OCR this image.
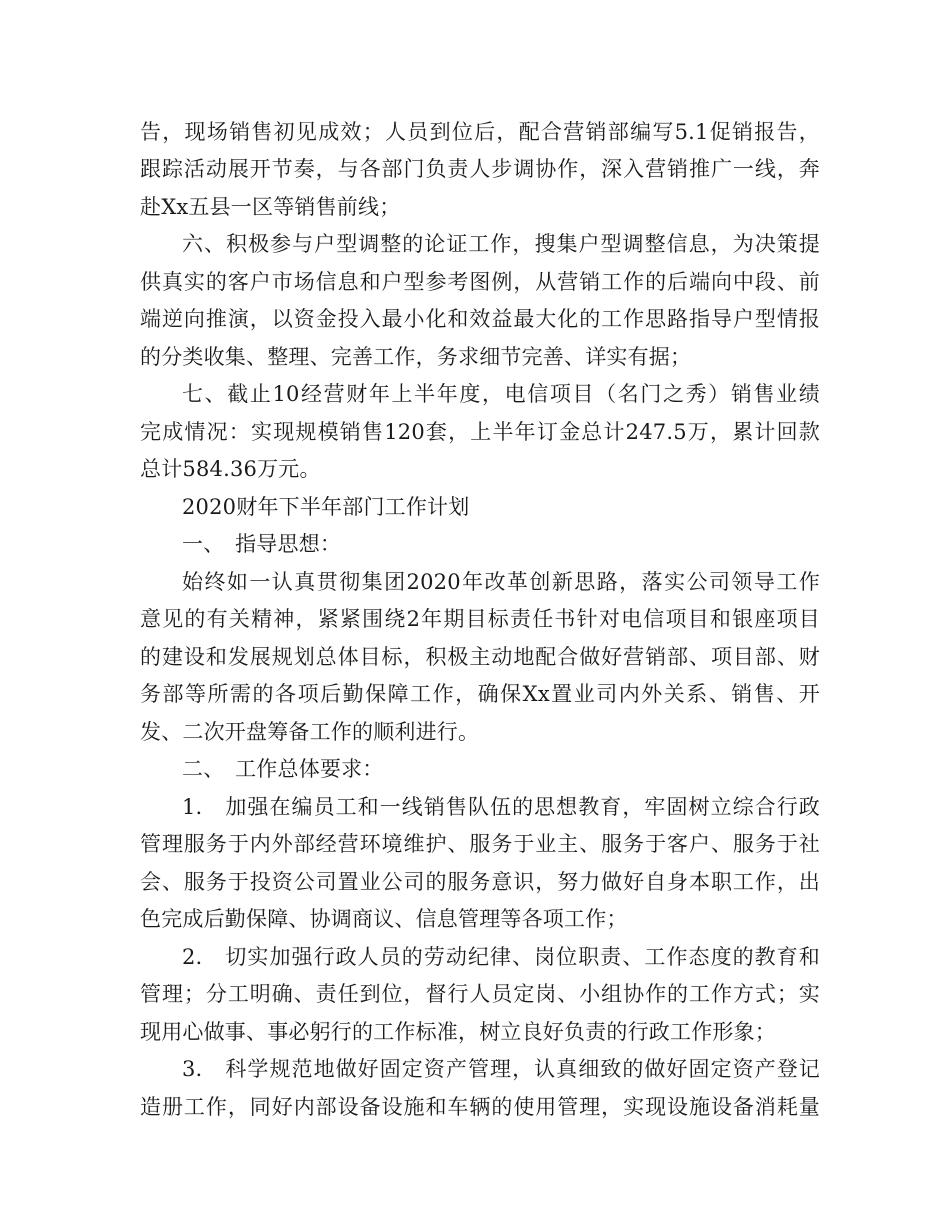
告，现场销售初见成效；人员到位后，配合营销部编写5.1促销报告，
跟踪活动展开节奏，与各部门负责人步调协作，深入营销推广一线，奔
赴Xx五县一区等销售前线；
六、积极参与户型调整的论证工作，搜集户型调整信息，为决策提
供真实的客户市场信息和户型参考图例，从营销工作的后端向中段、前
端逆向推演，以资金投入最小化和效益最大化的工作思路指导户型情报
的分类收集、整理、完善工作，务求细节完善、详实有据；
七、截止10经营财年上半年度，电信项目（名门之秀）销售业绩
完成情况：实现规模销售120套，上半年订金总计247.5万，累计回款
总计584.36万元。
2020财年下半年部门工作计划
一、　指导思想：
始终如一认真贯彻集团2020年改革创新思路，落实公司领导工作
意见的有关精神，紧紧围绕2年期目标责任书针对电信项目和银座项目
的建设和发展规划总体目标，积极主动地配合做好营销部、项目部、财
务部等所需的各项后勤保障工作，确保Xx置业司内外关系、销售、开
发、二次开盘筹备工作的顺利进行。
二、　工作总体要求：
1.　加强在编员工和一线销售队伍的思想教育，牢固树立综合行政
管理服务于内外部经营环境维护、服务于业主、服务于客户、服务于社
会、服务于投资公司置业公司的服务意识，努力做好自身本职工作，出
色完成后勤保障、协调商议、信息管理等各项工作；
2.　切实加强行政人员的劳动纪律、岗位职责、工作态度的教育和
管理；分工明确、责任到位，督行人员定岗、小组协作的工作方式；实
现用心做事、事必躬行的工作标准，树立良好负责的行政工作形象；
3.　科学规范地做好固定资产管理，认真细致的做好固定资产登记
造册工作，同好内部设备设施和车辆的使用管理，实现设施设备消耗量
